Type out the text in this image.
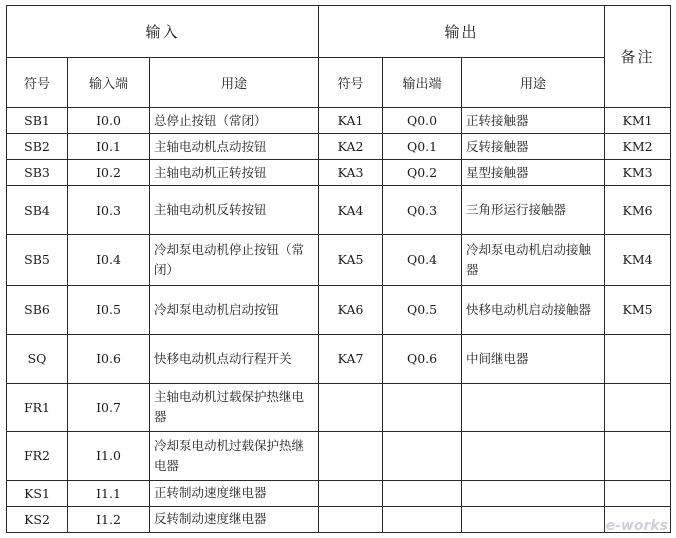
输入			输出			备注
符号	输入端	用途	符号	输出端	用途	
SB1	I0.0	总停止按钮（常闭）	KA1	Q0.0	正转接触器	KM1
SB2	I0.1	主轴电动机点动按钮	KA2	Q0.1	反转接触器	KM2
SB3	I0.2	主轴电动机正转按钮	KA3	Q0.2	星型接触器	KM3
SB4	I0.3	主轴电动机反转按钮	KA4	Q0.3	三角形运行接触器	KM6
SB5	I0.4	冷却泵电动机停止按钮（常闭）	KA5	Q0.4	冷却泵电动机启动接触器	KM4
SB6	I0.5	冷却泵电动机启动按钮	KA6	Q0.5	快移电动机启动接触器	KM5
SQ	I0.6	快移电动机点动行程开关	KA7	Q0.6	中间继电器	
FR1	I0.7	主轴电动机过载保护热继电器				
FR2	I1.0	冷却泵电动机过载保护热继电器				
KS1	I1.1	正转制动速度继电器				
KS2	I1.2	反转制动速度继电器					e-works
